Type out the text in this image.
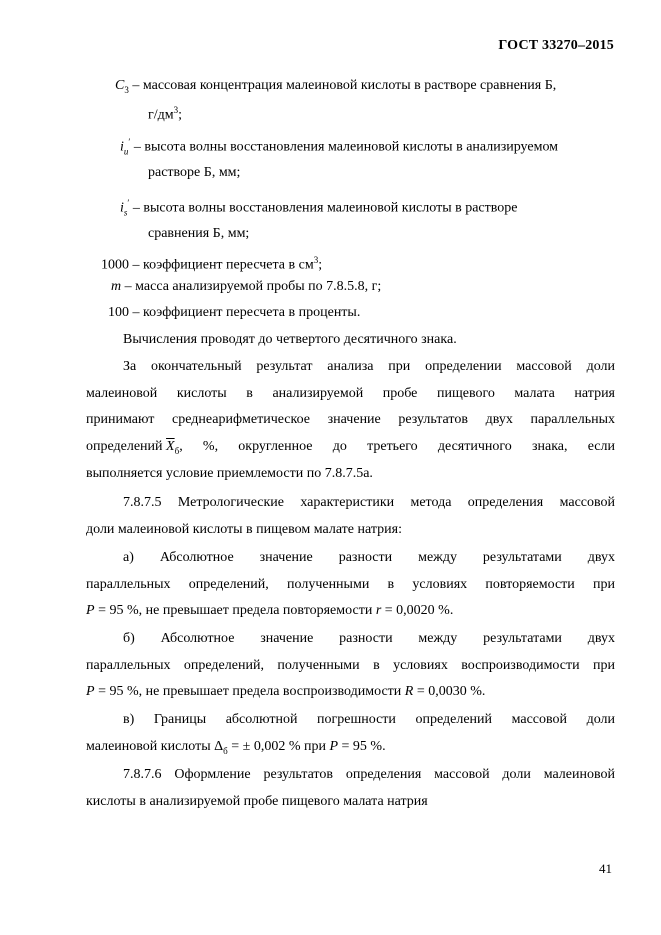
ГОСТ 33270–2015
$C_3$ – массовая концентрация малеиновой кислоты в растворе сравнения Б,
$г/дм^3$;
$i_u'$ – высота волны восстановления малеиновой кислоты в анализируемом
растворе Б, мм;
$i_s'$ – высота волны восстановления малеиновой кислоты в растворе
сравнения Б, мм;
1000 – коэффициент пересчета в $см^3$;
m – масса анализируемой пробы по 7.8.5.8, г;
100 – коэффициент пересчета в проценты.
Вычисления проводят до четвертого десятичного знака.
За окончательный результат анализа при определении массовой доли
малеиновой кислоты в анализируемой пробе пищевого малата натрия
принимают среднеарифметическое значение результатов двух параллельных
определений $\overline{X}_б$ , %, округленное до третьего десятичного знака, если
выполняется условие приемлемости по 7.8.7.5а.
7.8.7.5 Метрологические характеристики метода определения массовой
доли малеиновой кислоты в пищевом малате натрия:
а) Абсолютное значение разности между результатами двух
параллельных определений, полученными в условиях повторяемости при
P = 95 %, не превышает предела повторяемости r = 0,0020 %.
б) Абсолютное значение разности между результатами двух
параллельных определений, полученными в условиях воспроизводимости при
P = 95 %, не превышает предела воспроизводимости R = 0,0030 %.
в) Границы абсолютной погрешности определений массовой доли
малеиновой кислоты $\Delta_б$ = ± 0,002 % при P = 95 %.
7.8.7.6 Оформление результатов определения массовой доли малеиновой
кислоты в анализируемой пробе пищевого малата натрия
41
